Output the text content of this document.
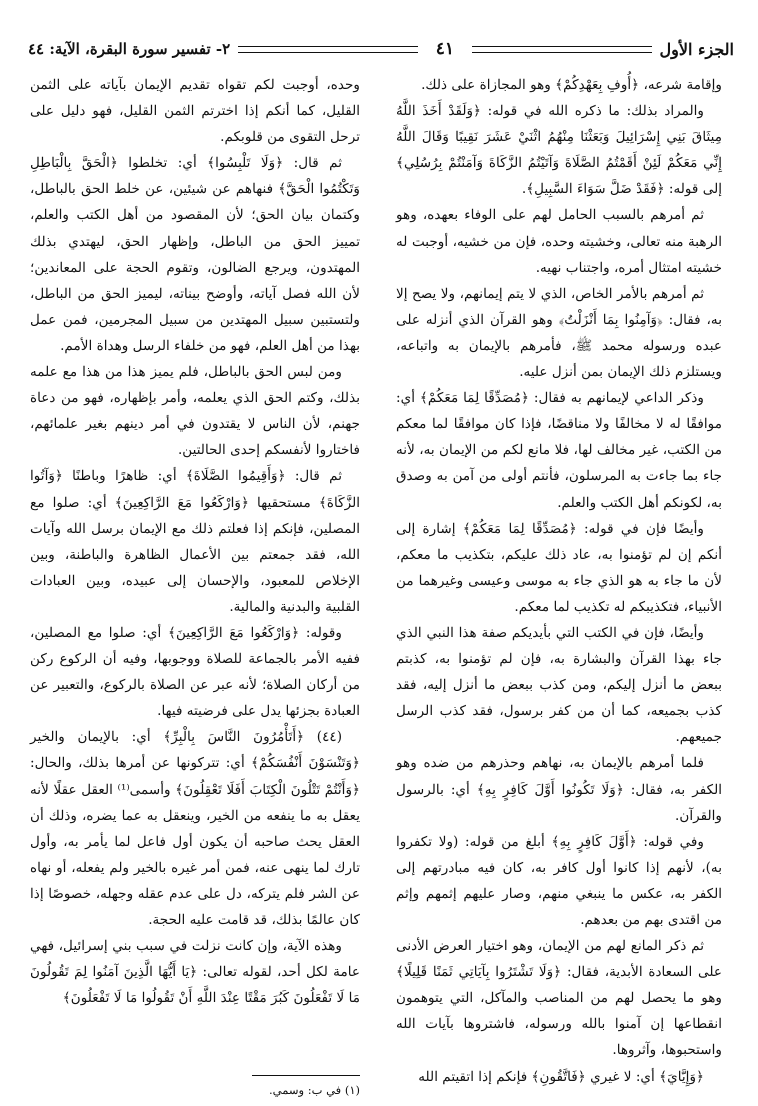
الجزء الأول
٤١
٢- تفسير سورة البقرة، الآية: ٤٤

وإقامة شرعه، ﴿أُوفِ بِعَهْدِكُمْ﴾ وهو المجازاة على ذلك.

والمراد بذلك: ما ذكره الله في قوله: ﴿وَلَقَدْ أَخَذَ اللَّهُ مِيثَاقَ بَنِي إِسْرَائِيلَ وَبَعَثْنَا مِنْهُمُ اثْنَيْ عَشَرَ نَقِيبًا وَقَالَ اللَّهُ إِنِّي مَعَكُمْ لَئِنْ أَقَمْتُمُ الصَّلَاةَ وَآتَيْتُمُ الزَّكَاةَ وَآمَنْتُمْ بِرُسُلِي﴾ إلى قوله: ﴿فَقَدْ ضَلَّ سَوَاءَ السَّبِيلِ﴾.

ثم أمرهم بالسبب الحامل لهم على الوفاء بعهده، وهو الرهبة منه تعالى، وخشيته وحده، فإن من خشيه، أوجبت له خشيته امتثال أمره، واجتناب نهيه.

ثم أمرهم بالأمر الخاص، الذي لا يتم إيمانهم، ولا يصح إلا به، فقال: ﴿وَآمِنُوا بِمَا أَنْزَلْتُ﴾ وهو القرآن الذي أنزله على عبده ورسوله محمد ﷺ، فأمرهم بالإيمان به واتباعه، ويستلزم ذلك الإيمان بمن أنزل عليه.

وذكر الداعي لإيمانهم به فقال: ﴿مُصَدِّقًا لِمَا مَعَكُمْ﴾ أي: موافقًا له لا مخالفًا ولا مناقضًا، فإذا كان موافقًا لما معكم من الكتب، غير مخالف لها، فلا مانع لكم من الإيمان به، لأنه جاء بما جاءت به المرسلون، فأنتم أولى من آمن به وصدق به، لكونكم أهل الكتب والعلم.

وأيضًا فإن في قوله: ﴿مُصَدِّقًا لِمَا مَعَكُمْ﴾ إشارة إلى أنكم إن لم تؤمنوا به، عاد ذلك عليكم، بتكذيب ما معكم، لأن ما جاء به هو الذي جاء به موسى وعيسى وغيرهما من الأنبياء، فتكذيبكم له تكذيب لما معكم.

وأيضًا، فإن في الكتب التي بأيديكم صفة هذا النبي الذي جاء بهذا القرآن والبشارة به، فإن لم تؤمنوا به، كذبتم ببعض ما أنزل إليكم، ومن كذب ببعض ما أنزل إليه، فقد كذب بجميعه، كما أن من كفر برسول، فقد كذب الرسل جميعهم.

فلما أمرهم بالإيمان به، نهاهم وحذرهم من ضده وهو الكفر به، فقال: ﴿وَلَا تَكُونُوا أَوَّلَ كَافِرٍ بِهِ﴾ أي: بالرسول والقرآن.

وفي قوله: ﴿أَوَّلَ كَافِرٍ بِهِ﴾ أبلغ من قوله: (ولا تكفروا به)، لأنهم إذا كانوا أول كافر به، كان فيه مبادرتهم إلى الكفر به، عكس ما ينبغي منهم، وصار عليهم إثمهم وإثم من اقتدى بهم من بعدهم.

ثم ذكر المانع لهم من الإيمان، وهو اختيار العرض الأدنى على السعادة الأبدية، فقال: ﴿وَلَا تَشْتَرُوا بِآيَاتِي ثَمَنًا قَلِيلًا﴾ وهو ما يحصل لهم من المناصب والمآكل، التي يتوهمون انقطاعها إن آمنوا بالله ورسوله، فاشتروها بآيات الله واستحبوها، وآثروها.

﴿وَإِيَّايَ﴾ أي: لا غيري ﴿فَاتَّقُونِ﴾ فإنكم إذا اتقيتم الله

وحده، أوجبت لكم تقواه تقديم الإيمان بآياته على الثمن القليل، كما أنكم إذا اخترتم الثمن القليل، فهو دليل على ترحل التقوى من قلوبكم.

ثم قال: ﴿وَلَا تَلْبِسُوا﴾ أي: تخلطوا ﴿الْحَقَّ بِالْبَاطِلِ وَتَكْتُمُوا الْحَقَّ﴾ فنهاهم عن شيئين، عن خلط الحق بالباطل، وكتمان بيان الحق؛ لأن المقصود من أهل الكتب والعلم، تمييز الحق من الباطل، وإظهار الحق، ليهتدي بذلك المهتدون، ويرجع الضالون، وتقوم الحجة على المعاندين؛ لأن الله فصل آياته، وأوضح بيناته، ليميز الحق من الباطل، ولتستبين سبيل المهتدين من سبيل المجرمين، فمن عمل بهذا من أهل العلم، فهو من خلفاء الرسل وهداة الأمم.

ومن لبس الحق بالباطل، فلم يميز هذا من هذا مع علمه بذلك، وكتم الحق الذي يعلمه، وأمر بإظهاره، فهو من دعاة جهنم، لأن الناس لا يقتدون في أمر دينهم بغير علمائهم، فاختاروا لأنفسكم إحدى الحالتين.

ثم قال: ﴿وَأَقِيمُوا الصَّلَاةَ﴾ أي: ظاهرًا وباطنًا ﴿وَآتُوا الزَّكَاةَ﴾ مستحقيها ﴿وَارْكَعُوا مَعَ الرَّاكِعِينَ﴾ أي: صلوا مع المصلين، فإنكم إذا فعلتم ذلك مع الإيمان برسل الله وآيات الله، فقد جمعتم بين الأعمال الظاهرة والباطنة، وبين الإخلاص للمعبود، والإحسان إلى عبيده، وبين العبادات القلبية والبدنية والمالية.

وقوله: ﴿وَارْكَعُوا مَعَ الرَّاكِعِينَ﴾ أي: صلوا مع المصلين، ففيه الأمر بالجماعة للصلاة ووجوبها، وفيه أن الركوع ركن من أركان الصلاة؛ لأنه عبر عن الصلاة بالركوع، والتعبير عن العبادة بجزئها يدل على فرضيته فيها.

(٤٤) ﴿أَتَأْمُرُونَ النَّاسَ بِالْبِرِّ﴾ أي: بالإيمان والخير ﴿وَتَنْسَوْنَ أَنْفُسَكُمْ﴾ أي: تتركونها عن أمرها بذلك، والحال: ﴿وَأَنْتُمْ تَتْلُونَ الْكِتَابَ أَفَلَا تَعْقِلُونَ﴾ وأسمى⁽¹⁾ العقل عقلًا لأنه يعقل به ما ينفعه من الخير، وينعقل به عما يضره، وذلك أن العقل يحث صاحبه أن يكون أول فاعل لما يأمر به، وأول تارك لما ينهى عنه، فمن أمر غيره بالخير ولم يفعله، أو نهاه عن الشر فلم يتركه، دل على عدم عقله وجهله، خصوصًا إذا كان عالمًا بذلك، قد قامت عليه الحجة.

وهذه الآية، وإن كانت نزلت في سبب بني إسرائيل، فهي عامة لكل أحد، لقوله تعالى: ﴿يَا أَيُّهَا الَّذِينَ آمَنُوا لِمَ تَقُولُونَ مَا لَا تَفْعَلُونَ كَبُرَ مَقْتًا عِنْدَ اللَّهِ أَنْ تَقُولُوا مَا لَا تَفْعَلُونَ﴾

(١) في ب: وسمي.
